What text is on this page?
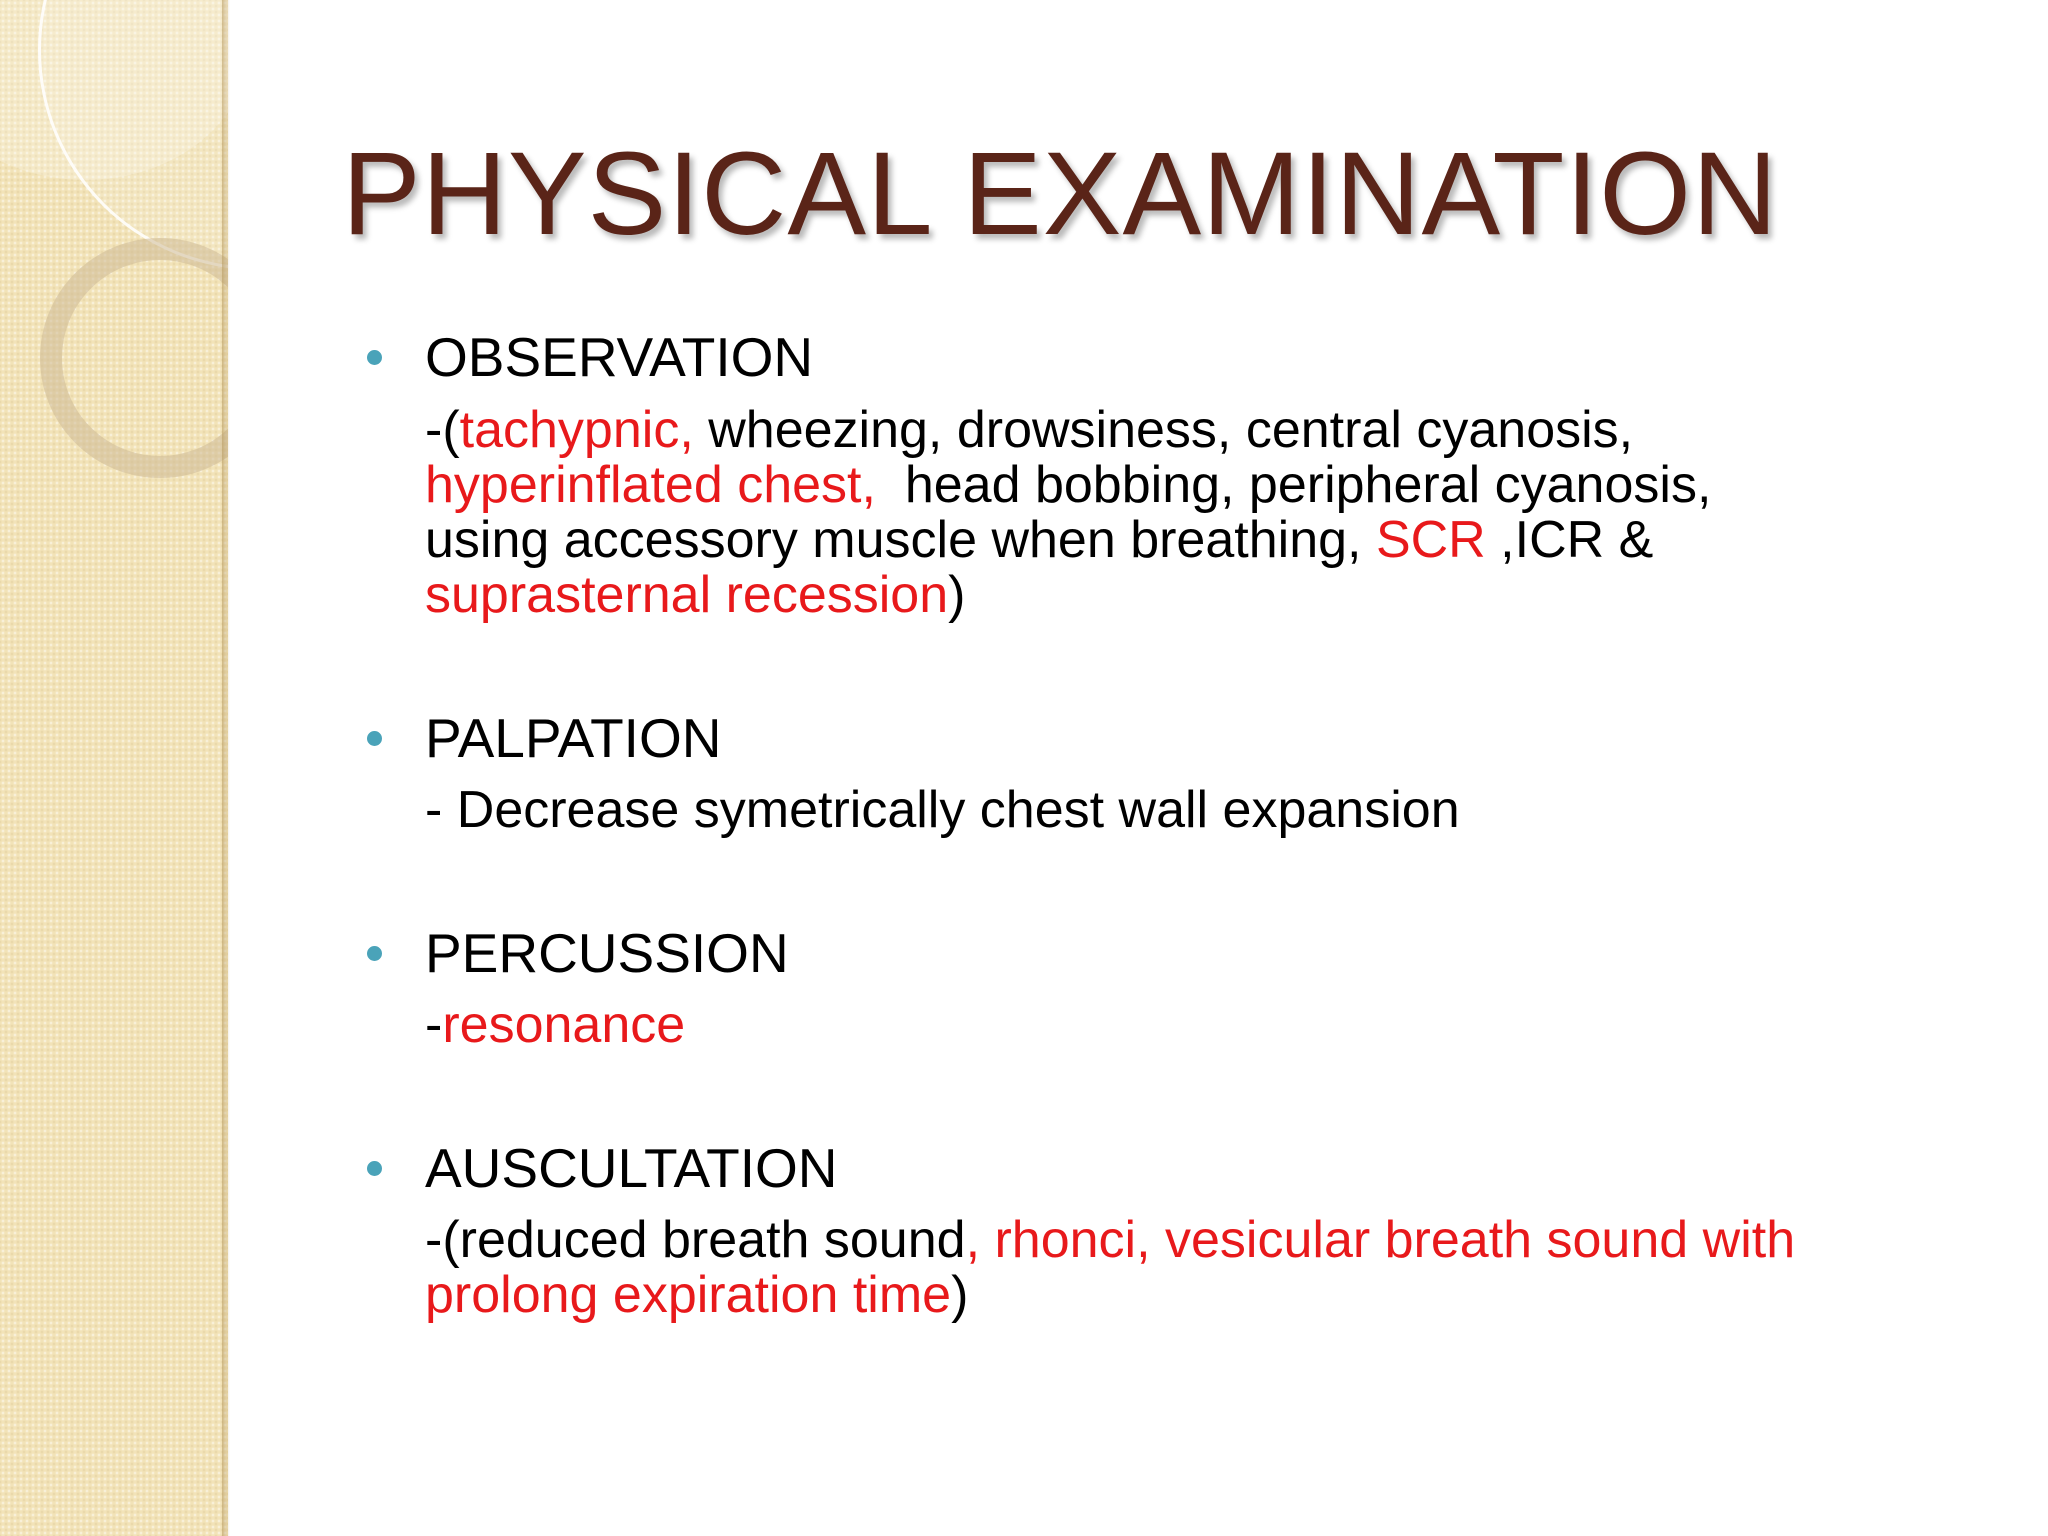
PHYSICAL EXAMINATION
OBSERVATION
-(tachypnic, wheezing, drowsiness, central cyanosis,
hyperinflated chest,  head bobbing, peripheral cyanosis,
using accessory muscle when breathing, SCR ,ICR &
suprasternal recession)
PALPATION
- Decrease symetrically chest wall expansion
PERCUSSION
-resonance
AUSCULTATION
-(reduced breath sound, rhonci, vesicular breath sound with
prolong expiration time)
